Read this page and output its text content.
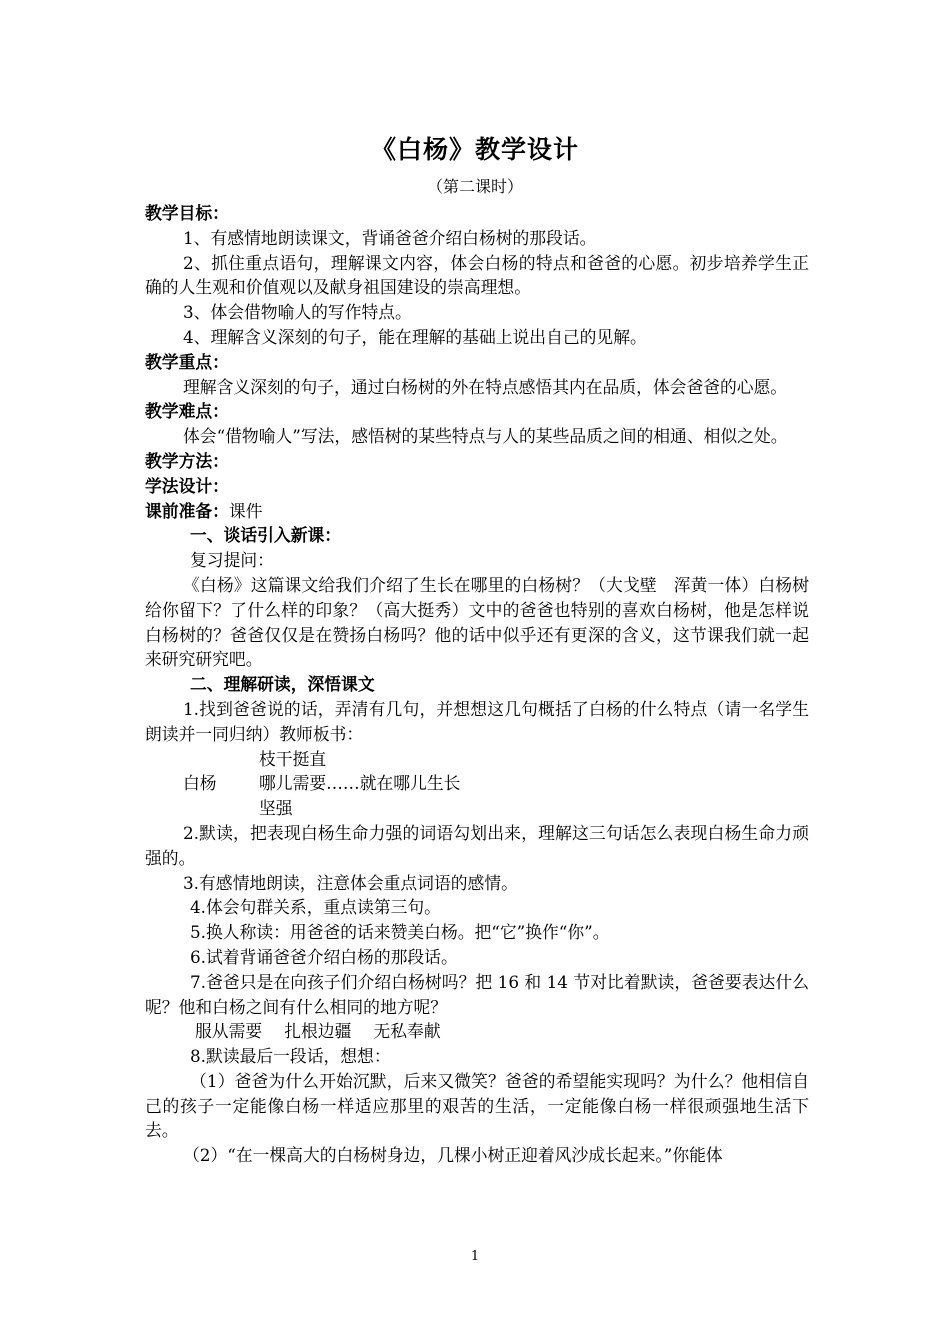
《白杨》教学设计
（第二课时）

教学目标：

1、有感情地朗读课文，背诵爸爸介绍白杨树的那段话。

2、抓住重点语句，理解课文内容，体会白杨的特点和爸爸的心愿。初步培养学生正确的人生观和价值观以及献身祖国建设的崇高理想。

3、体会借物喻人的写作特点。

4、理解含义深刻的句子，能在理解的基础上说出自己的见解。

教学重点：

理解含义深刻的句子，通过白杨树的外在特点感悟其内在品质，体会爸爸的心愿。

教学难点：

体会“借物喻人”写法，感悟树的某些特点与人的某些品质之间的相通、相似之处。

教学方法：

学法设计：

课前准备：课件

一、谈话引入新课：

复习提问：

《白杨》这篇课文给我们介绍了生长在哪里的白杨树？（大戈壁　浑黄一体）白杨树给你留下？了什么样的印象？（高大挺秀）文中的爸爸也特别的喜欢白杨树，他是怎样说白杨树的？爸爸仅仅是在赞扬白杨吗？他的话中似乎还有更深的含义，这节课我们就一起来研究研究吧。

二、理解研读，深悟课文

1.找到爸爸说的话，弄清有几句，并想想这几句概括了白杨的什么特点（请一名学生朗读并一同归纳）教师板书：

枝干挺直
白杨	哪儿需要……就在哪儿生长
坚强

2.默读，把表现白杨生命力强的词语勾划出来，理解这三句话怎么表现白杨生命力顽强的。

3.有感情地朗读，注意体会重点词语的感情。

4.体会句群关系，重点读第三句。

5.换人称读：用爸爸的话来赞美白杨。把“它”换作“你”。

6.试着背诵爸爸介绍白杨的那段话。

7.爸爸只是在向孩子们介绍白杨树吗？把 16 和 14 节对比着默读，爸爸要表达什么呢？他和白杨之间有什么相同的地方呢？

服从需要　 扎根边疆　 无私奉献

8.默读最后一段话，想想：

（1）爸爸为什么开始沉默，后来又微笑？爸爸的希望能实现吗？为什么？他相信自己的孩子一定能像白杨一样适应那里的艰苦的生活，一定能像白杨一样很顽强地生活下去。

（2）“在一棵高大的白杨树身边，几棵小树正迎着风沙成长起来。”你能体

1
